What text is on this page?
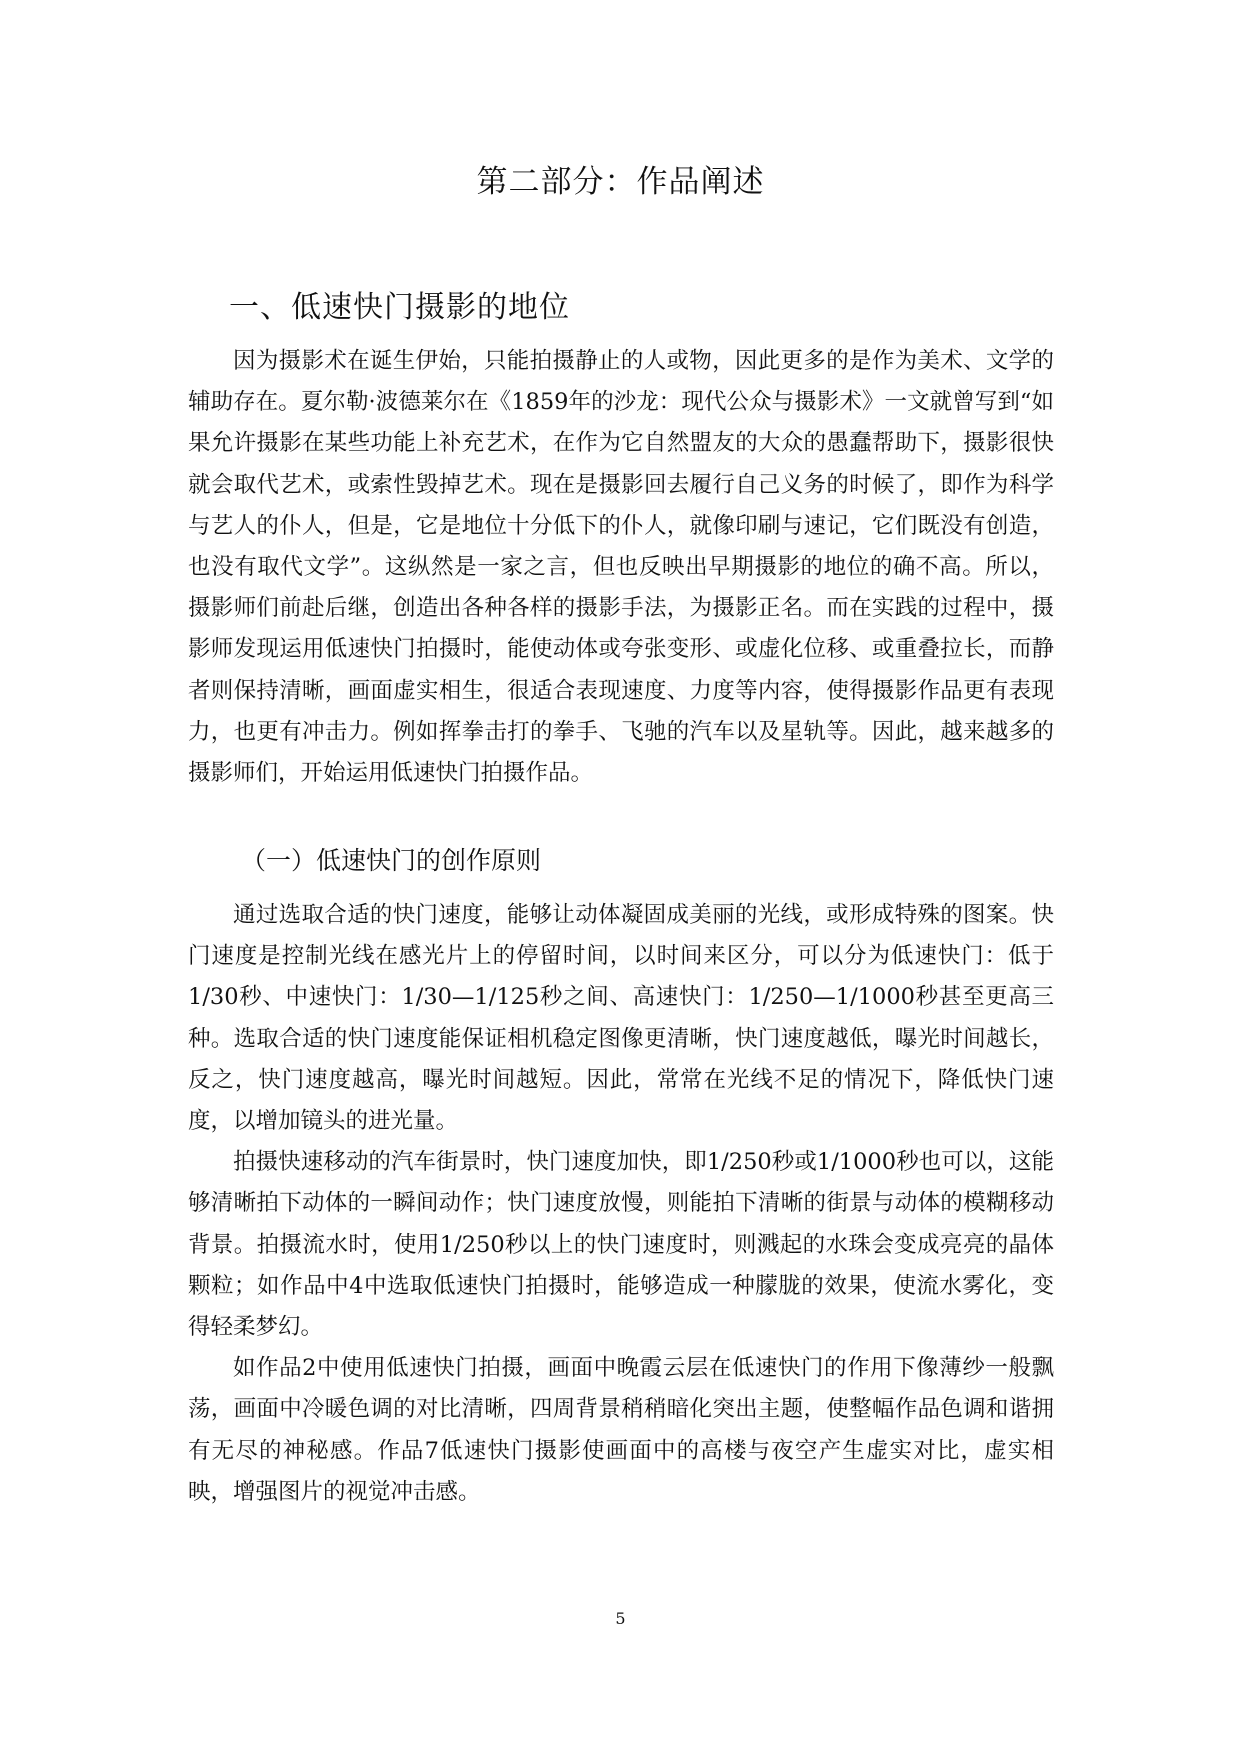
第二部分：作品阐述
一、低速快门摄影的地位

因为摄影术在诞生伊始，只能拍摄静止的人或物，因此更多的是作为美术、文学的辅助存在。夏尔勒·波德莱尔在《1859年的沙龙：现代公众与摄影术》一文就曾写到“如果允许摄影在某些功能上补充艺术，在作为它自然盟友的大众的愚蠢帮助下，摄影很快就会取代艺术，或索性毁掉艺术。现在是摄影回去履行自己义务的时候了，即作为科学与艺人的仆人，但是，它是地位十分低下的仆人，就像印刷与速记，它们既没有创造，也没有取代文学”。这纵然是一家之言，但也反映出早期摄影的地位的确不高。所以，摄影师们前赴后继，创造出各种各样的摄影手法，为摄影正名。而在实践的过程中，摄影师发现运用低速快门拍摄时，能使动体或夸张变形、或虚化位移、或重叠拉长，而静者则保持清晰，画面虚实相生，很适合表现速度、力度等内容，使得摄影作品更有表现力，也更有冲击力。例如挥拳击打的拳手、飞驰的汽车以及星轨等。因此，越来越多的摄影师们，开始运用低速快门拍摄作品。

（一）低速快门的创作原则

通过选取合适的快门速度，能够让动体凝固成美丽的光线，或形成特殊的图案。快门速度是控制光线在感光片上的停留时间，以时间来区分，可以分为低速快门：低于1/30秒、中速快门：1/30—1/125秒之间、高速快门：1/250—1/1000秒甚至更高三种。选取合适的快门速度能保证相机稳定图像更清晰，快门速度越低，曝光时间越长，反之，快门速度越高，曝光时间越短。因此，常常在光线不足的情况下，降低快门速度，以增加镜头的进光量。

拍摄快速移动的汽车街景时，快门速度加快，即1/250秒或1/1000秒也可以，这能够清晰拍下动体的一瞬间动作；快门速度放慢，则能拍下清晰的街景与动体的模糊移动背景。拍摄流水时，使用1/250秒以上的快门速度时，则溅起的水珠会变成亮亮的晶体颗粒；如作品中4中选取低速快门拍摄时，能够造成一种朦胧的效果，使流水雾化，变得轻柔梦幻。

如作品2中使用低速快门拍摄，画面中晚霞云层在低速快门的作用下像薄纱一般飘荡，画面中冷暖色调的对比清晰，四周背景稍稍暗化突出主题，使整幅作品色调和谐拥有无尽的神秘感。作品7低速快门摄影使画面中的高楼与夜空产生虚实对比，虚实相映，增强图片的视觉冲击感。

5
